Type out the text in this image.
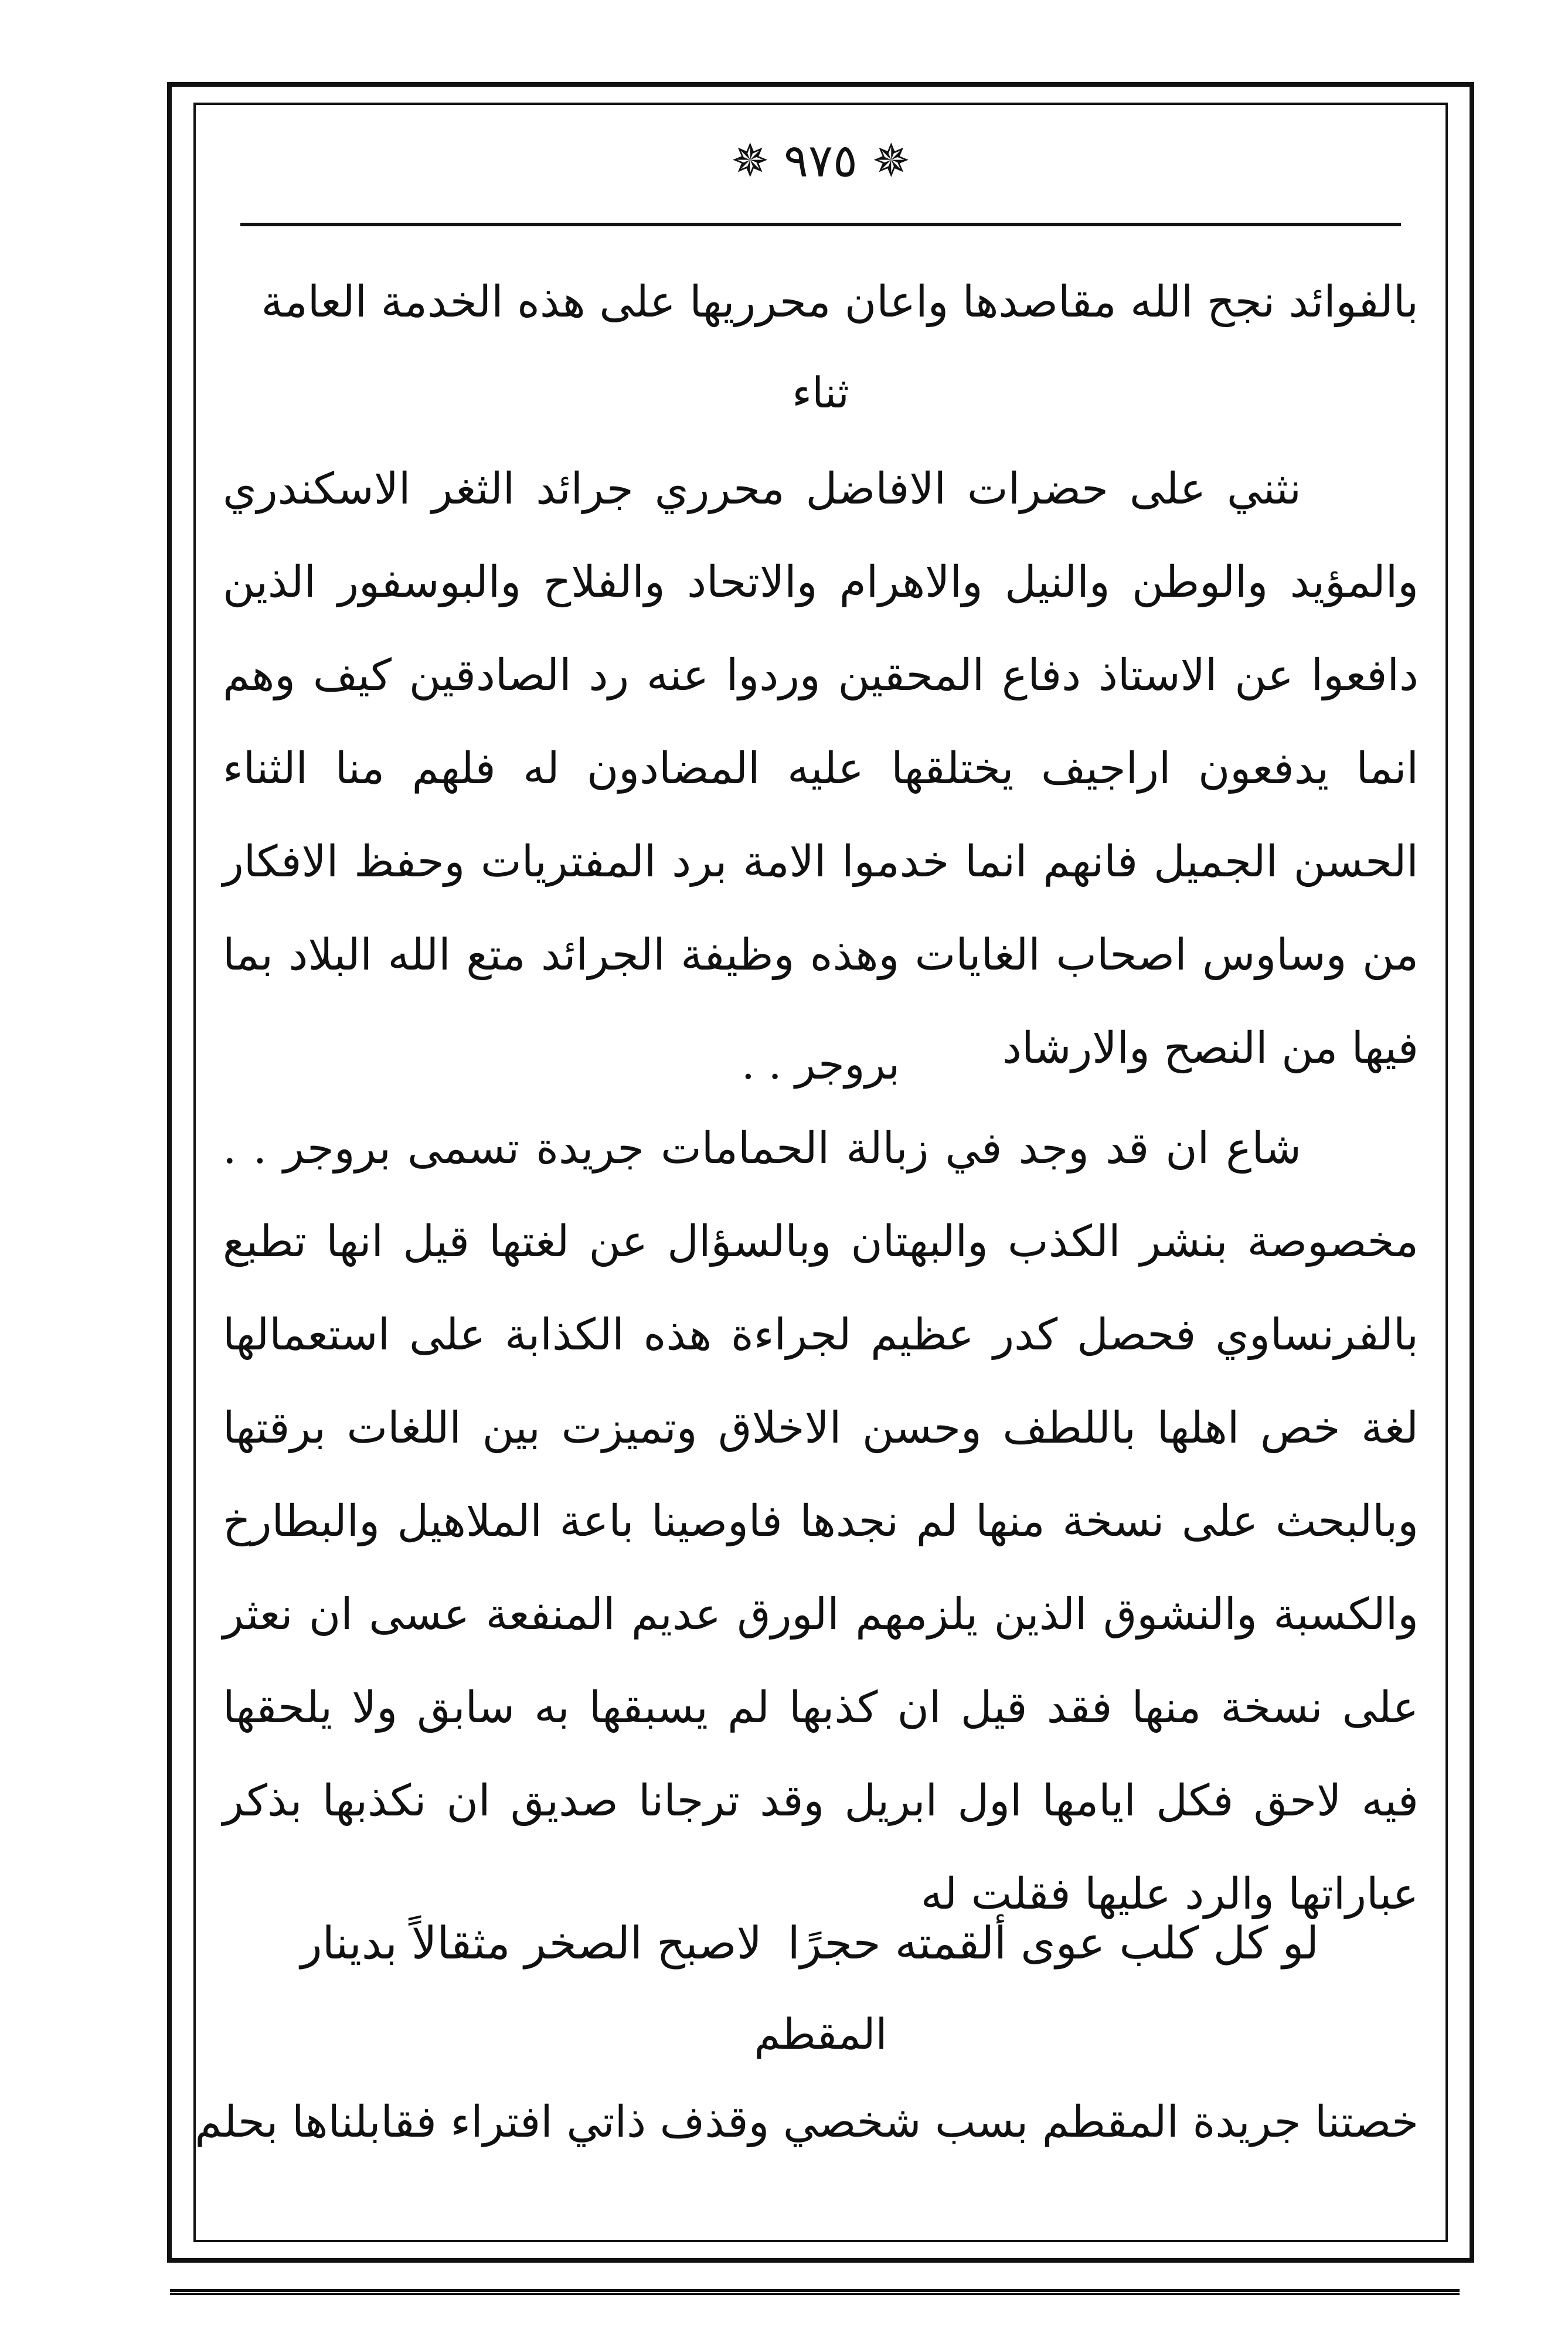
✵ ٩٧٥ ✵
بالفوائد نجح الله مقاصدها واعان محرريها على هذه الخدمة العامة
ثناء
نثني على حضرات الافاضل محرري جرائد الثغر الاسكندري والمؤيد والوطن والنيل والاهرام والاتحاد والفلاح والبوسفور الذين دافعوا عن الاستاذ دفاع المحقين وردوا عنه رد الصادقين كيف وهم انما يدفعون اراجيف يختلقها عليه المضادون له فلهم منا الثناء الحسن الجميل فانهم انما خدموا الامة برد المفتريات وحفظ الافكار من وساوس اصحاب الغايات وهذه وظيفة الجرائد متع الله البلاد بما فيها من النصح والارشاد
بروجر . .
شاع ان قد وجد في زبالة الحمامات جريدة تسمى بروجر . . مخصوصة بنشر الكذب والبهتان وبالسؤال عن لغتها قيل انها تطبع بالفرنساوي فحصل كدر عظيم لجراءة هذه الكذابة على استعمالها لغة خص اهلها باللطف وحسن الاخلاق وتميزت بين اللغات برقتها وبالبحث على نسخة منها لم نجدها فاوصينا باعة الملاهيل والبطارخ والكسبة والنشوق الذين يلزمهم الورق عديم المنفعة عسى ان نعثر على نسخة منها فقد قيل ان كذبها لم يسبقها به سابق ولا يلحقها فيه لاحق فكل ايامها اول ابريل وقد ترجانا صديق ان نكذبها بذكر عباراتها والرد عليها فقلت له
لو كل كلب عوى ألقمته حجرًا
لاصبح الصخر مثقالاً بدينار
المقطم
خصتنا جريدة المقطم بسب شخصي وقذف ذاتي افتراء فقابلناها بحلم
